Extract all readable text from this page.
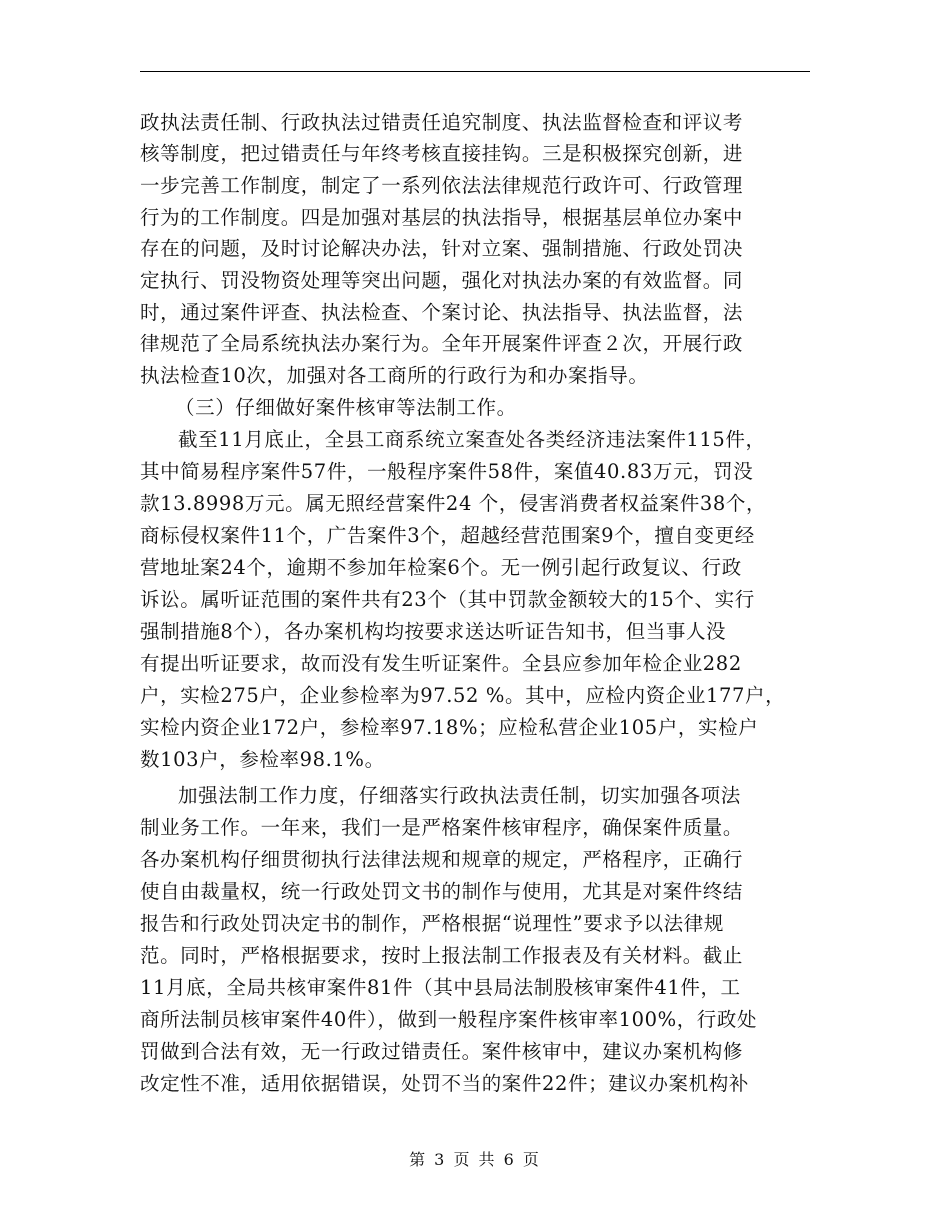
政执法责任制、行政执法过错责任追究制度、执法监督检查和评议考
核等制度，把过错责任与年终考核直接挂钩。三是积极探究创新，进
一步完善工作制度，制定了一系列依法法律规范行政许可、行政管理
行为的工作制度。四是加强对基层的执法指导，根据基层单位办案中
存在的问题，及时讨论解决办法，针对立案、强制措施、行政处罚决
定执行、罚没物资处理等突出问题，强化对执法办案的有效监督。同
时，通过案件评查、执法检查、个案讨论、执法指导、执法监督，法
律规范了全局系统执法办案行为。全年开展案件评查２次，开展行政
执法检查10次，加强对各工商所的行政行为和办案指导。
（三）仔细做好案件核审等法制工作。
截至11月底止，全县工商系统立案查处各类经济违法案件115件，
其中简易程序案件57件，一般程序案件58件，案值40.83万元，罚没
款13.8998万元。属无照经营案件24 个，侵害消费者权益案件38个，
商标侵权案件11个，广告案件3个，超越经营范围案9个，擅自变更经
营地址案24个，逾期不参加年检案6个。无一例引起行政复议、行政
诉讼。属听证范围的案件共有23个（其中罚款金额较大的15个、实行
强制措施8个），各办案机构均按要求送达听证告知书，但当事人没
有提出听证要求，故而没有发生听证案件。全县应参加年检企业282
户，实检275户，企业参检率为97.52 %。其中，应检内资企业177户，
实检内资企业172户，参检率97.18%；应检私营企业105户，实检户
数103户，参检率98.1%。
加强法制工作力度，仔细落实行政执法责任制，切实加强各项法
制业务工作。一年来，我们一是严格案件核审程序，确保案件质量。
各办案机构仔细贯彻执行法律法规和规章的规定，严格程序，正确行
使自由裁量权，统一行政处罚文书的制作与使用，尤其是对案件终结
报告和行政处罚决定书的制作，严格根据“说理性”要求予以法律规
范。同时，严格根据要求，按时上报法制工作报表及有关材料。截止
11月底，全局共核审案件81件（其中县局法制股核审案件41件，工
商所法制员核审案件40件），做到一般程序案件核审率100%，行政处
罚做到合法有效，无一行政过错责任。案件核审中，建议办案机构修
改定性不准，适用依据错误，处罚不当的案件22件；建议办案机构补
第 3 页 共 6 页
